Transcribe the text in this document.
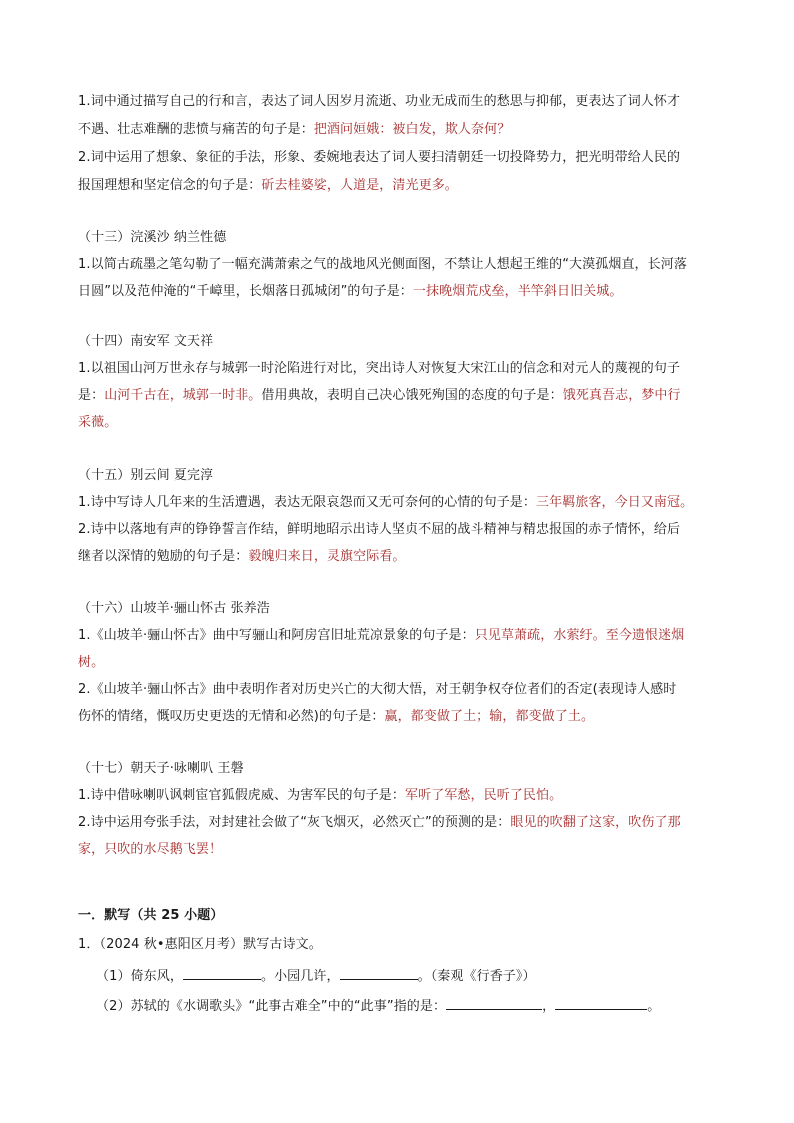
1.词中通过描写自己的行和言，表达了词人因岁月流逝、功业无成而生的愁思与抑郁，更表达了词人怀才
不遇、壮志难酬的悲愤与痛苦的句子是：把酒问姮娥：被白发，欺人奈何？
2.词中运用了想象、象征的手法，形象、委婉地表达了词人要扫清朝廷一切投降势力，把光明带给人民的
报国理想和坚定信念的句子是：斫去桂婆娑，人道是，清光更多。
（十三）浣溪沙 纳兰性德
1.以简古疏墨之笔勾勒了一幅充满萧索之气的战地风光侧面图，不禁让人想起王维的“大漠孤烟直，长河落
日圆”以及范仲淹的“千嶂里，长烟落日孤城闭”的句子是：一抹晚烟荒戍垒，半竿斜日旧关城。
（十四）南安军 文天祥
1.以祖国山河万世永存与城郭一时沦陷进行对比，突出诗人对恢复大宋江山的信念和对元人的蔑视的句子
是：山河千古在，城郭一时非。借用典故，表明自己决心饿死殉国的态度的句子是：饿死真吾志，梦中行
采薇。
（十五）别云间 夏完淳
1.诗中写诗人几年来的生活遭遇，表达无限哀怨而又无可奈何的心情的句子是：三年羁旅客，今日又南冠。
2.诗中以落地有声的铮铮誓言作结，鲜明地昭示出诗人坚贞不屈的战斗精神与精忠报国的赤子情怀，给后
继者以深情的勉励的句子是：毅魄归来日，灵旗空际看。
（十六）山坡羊·骊山怀古 张养浩
1.《山坡羊·骊山怀古》曲中写骊山和阿房宫旧址荒凉景象的句子是：只见草萧疏，水萦纡。至今遗恨迷烟
树。
2.《山坡羊·骊山怀古》曲中表明作者对历史兴亡的大彻大悟，对王朝争权夺位者们的否定(表现诗人感时
伤怀的情绪，慨叹历史更迭的无情和必然)的句子是：赢，都变做了土；输，都变做了土。
（十七）朝天子·咏喇叭 王磐
1.诗中借咏喇叭讽刺宦官狐假虎威、为害军民的句子是：军听了军愁，民听了民怕。
2.诗中运用夸张手法，对封建社会做了“灰飞烟灭，必然灭亡”的预测的是：眼见的吹翻了这家，吹伤了那
家，只吹的水尽鹅飞罢！
一．默写（共 25 小题）
1．（2024 秋•惠阳区月考）默写古诗文。
（1）倚东风，	。小园几许，	。（秦观《行香子》）
（2）苏轼的《水调歌头》“此事古难全”中的“此事”指的是：	，	。
